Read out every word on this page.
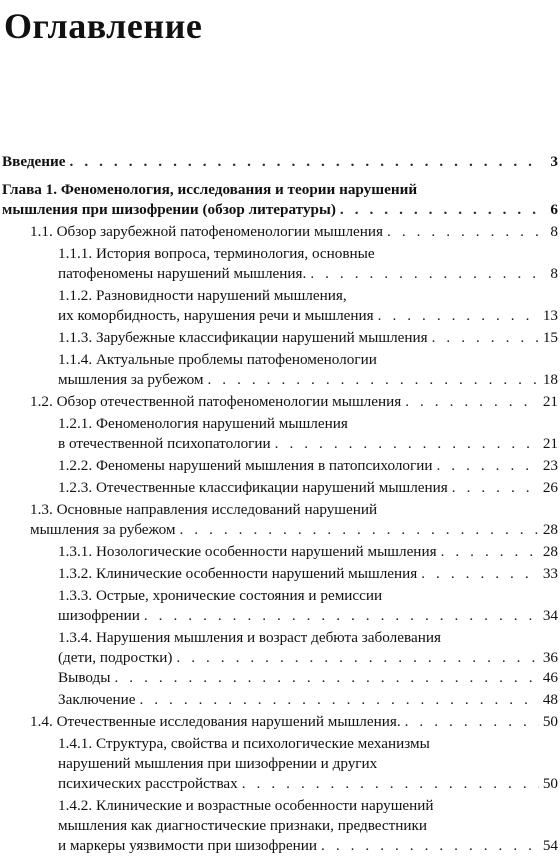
Оглавление
Введение . . .	3
Глава 1. Феноменология, исследования и теории нарушений
мышления при шизофрении (обзор литературы) . . .	6
1.1. Обзор зарубежной патофеноменологии мышления . . .	8
1.1.1. История вопроса, терминология, основные
патофеномены нарушений мышления. . . .	8
1.1.2. Разновидности нарушений мышления,
их коморбидность, нарушения речи и мышления . . .	13
1.1.3. Зарубежные классификации нарушений мышления . . .	15
1.1.4. Актуальные проблемы патофеноменологии
мышления за рубежом . . .	18
1.2. Обзор отечественной патофеноменологии мышления . . .	21
1.2.1. Феноменология нарушений мышления
в отечественной психопатологии . . .	21
1.2.2. Феномены нарушений мышления в патопсихологии . . .	23
1.2.3. Отечественные классификации нарушений мышления . . .	26
1.3. Основные направления исследований нарушений
мышления за рубежом . . .	28
1.3.1. Нозологические особенности нарушений мышления . . .	28
1.3.2. Клинические особенности нарушений мышления . . .	33
1.3.3. Острые, хронические состояния и ремиссии
шизофрении . . .	34
1.3.4. Нарушения мышления и возраст дебюта заболевания
(дети, подростки) . . .	36
Выводы . . .	46
Заключение . . .	48
1.4. Отечественные исследования нарушений мышления. . . .	50
1.4.1. Структура, свойства и психологические механизмы
нарушений мышления при шизофрении и других
психических расстройствах . . .	50
1.4.2. Клинические и возрастные особенности нарушений
мышления как диагностические признаки, предвестники
и маркеры уязвимости при шизофрении . . .	54
